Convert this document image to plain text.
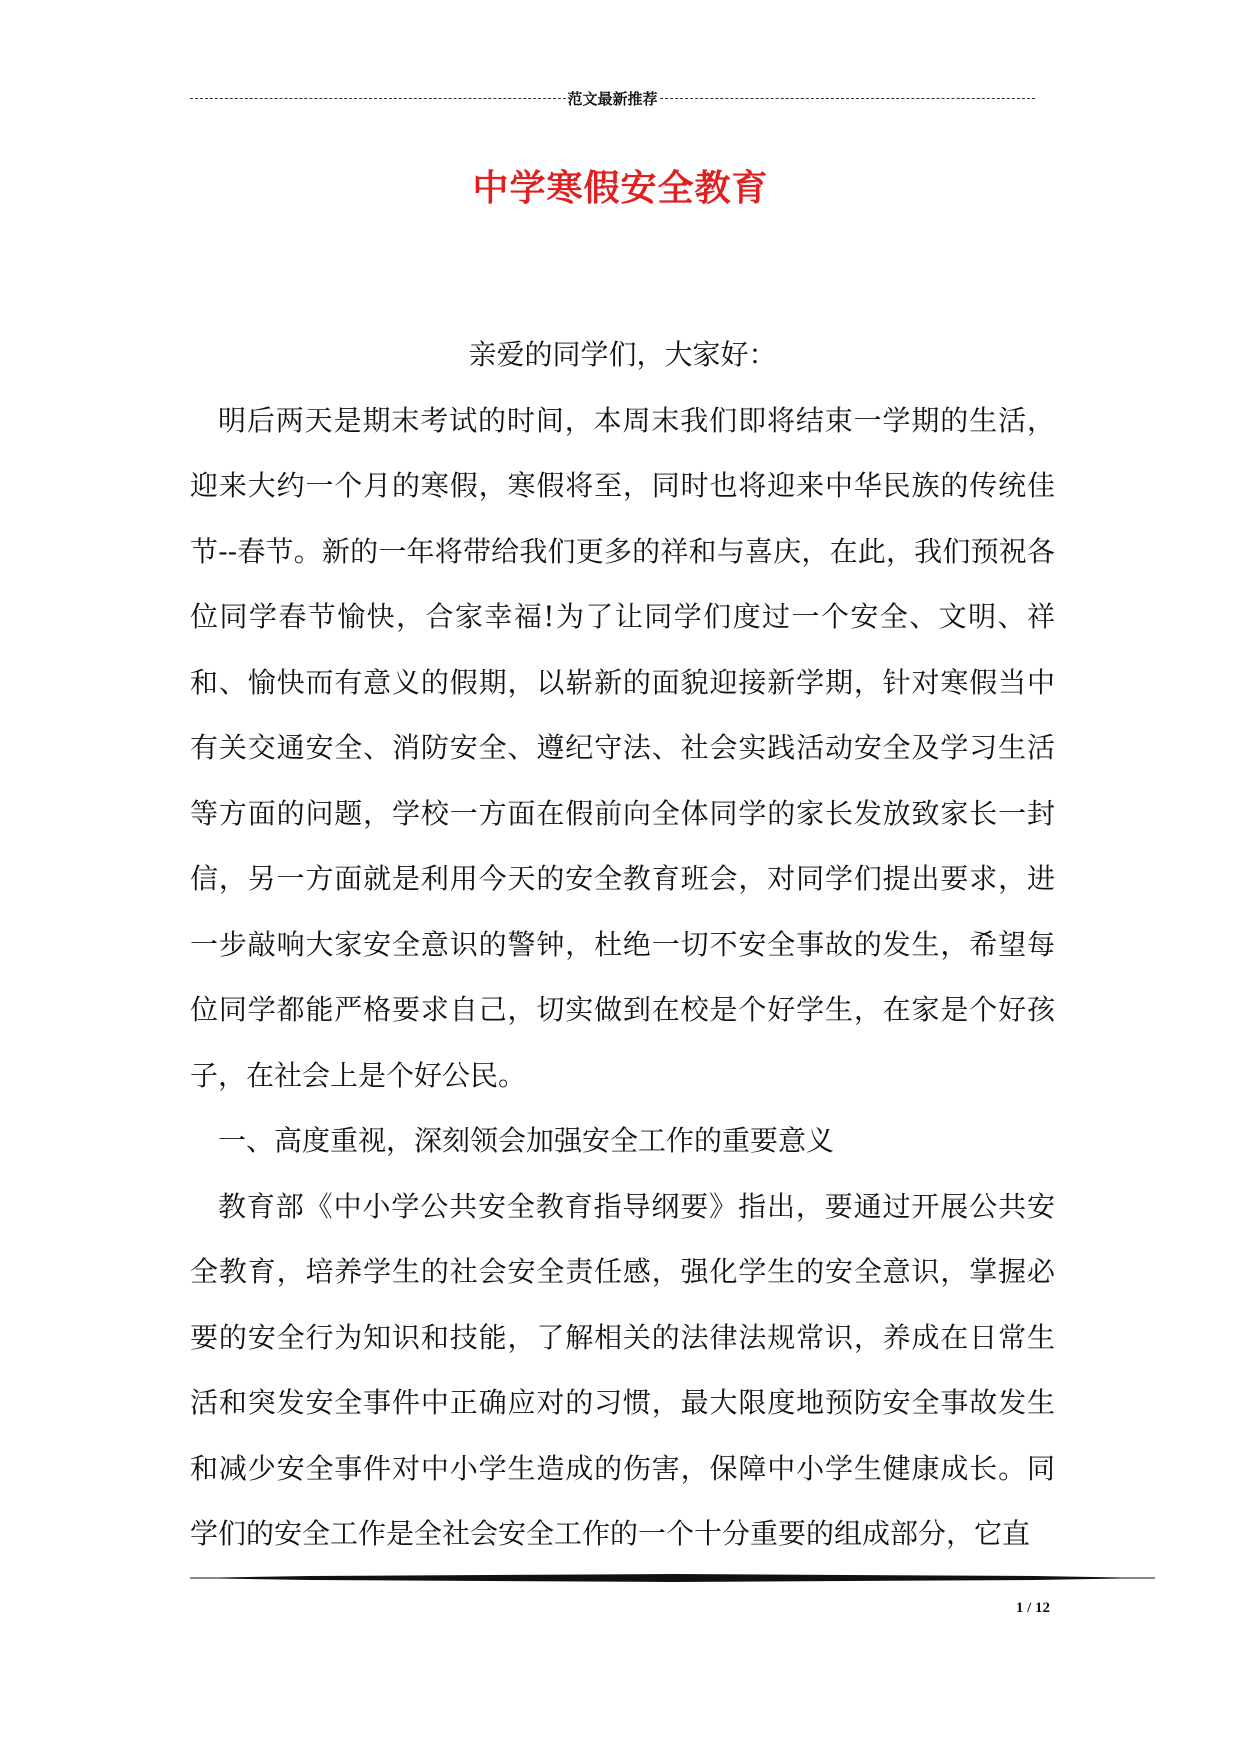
范文最新推荐
中学寒假安全教育

亲爱的同学们，大家好：

明后两天是期末考试的时间，本周末我们即将结束一学期的生活，迎来大约一个月的寒假，寒假将至，同时也将迎来中华民族的传统佳节--春节。新的一年将带给我们更多的祥和与喜庆，在此，我们预祝各位同学春节愉快，合家幸福!为了让同学们度过一个安全、文明、祥和、愉快而有意义的假期，以崭新的面貌迎接新学期，针对寒假当中有关交通安全、消防安全、遵纪守法、社会实践活动安全及学习生活等方面的问题，学校一方面在假前向全体同学的家长发放致家长一封信，另一方面就是利用今天的安全教育班会，对同学们提出要求，进一步敲响大家安全意识的警钟，杜绝一切不安全事故的发生，希望每位同学都能严格要求自己，切实做到在校是个好学生，在家是个好孩子，在社会上是个好公民。

一、高度重视，深刻领会加强安全工作的重要意义

教育部《中小学公共安全教育指导纲要》指出，要通过开展公共安全教育，培养学生的社会安全责任感，强化学生的安全意识，掌握必要的安全行为知识和技能，了解相关的法律法规常识，养成在日常生活和突发安全事件中正确应对的习惯，最大限度地预防安全事故发生和减少安全事件对中小学生造成的伤害，保障中小学生健康成长。同学们的安全工作是全社会安全工作的一个十分重要的组成部分，它直

1 / 12
